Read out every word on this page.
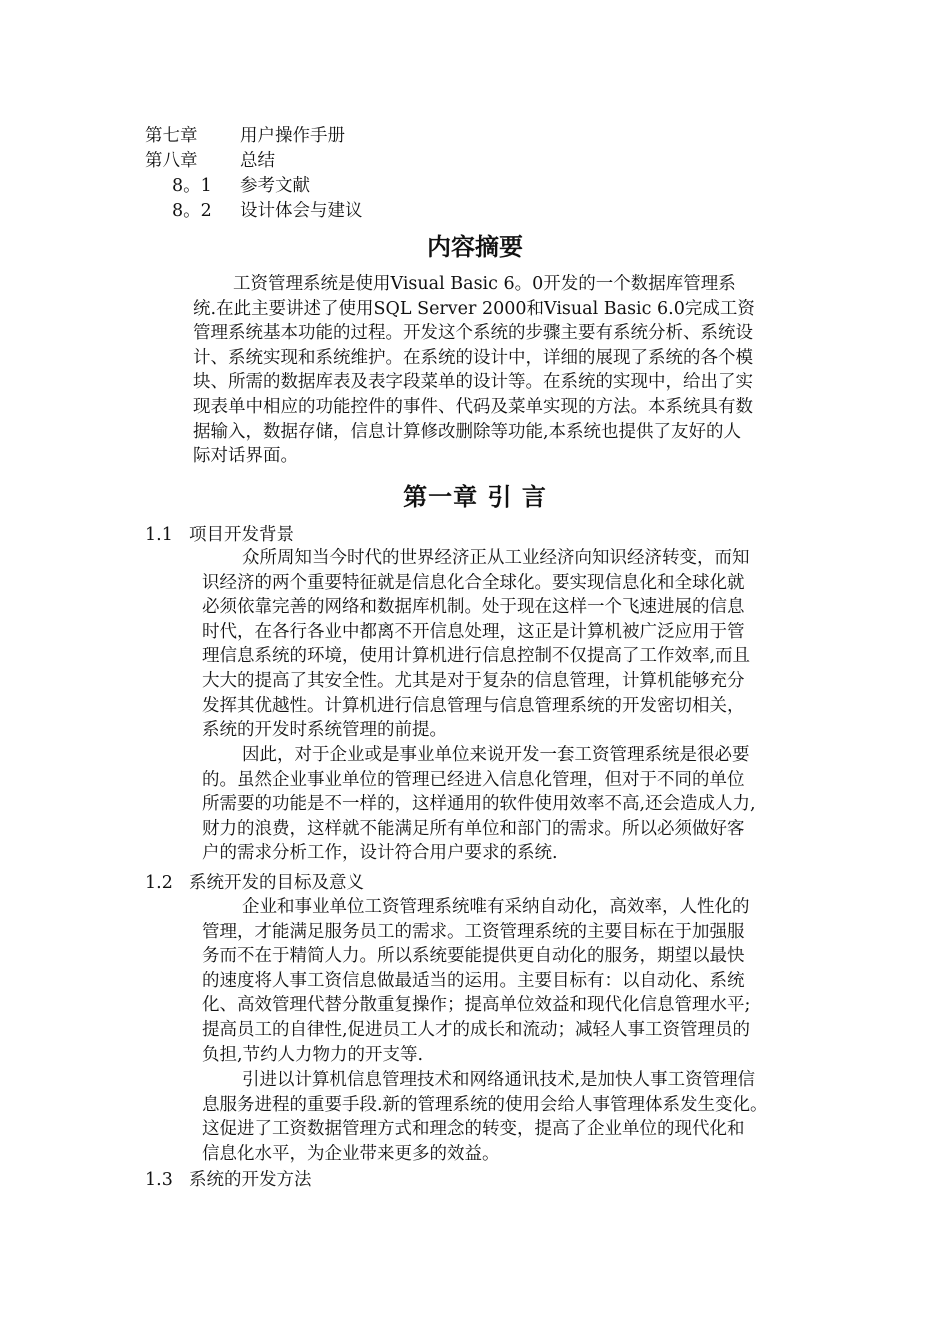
第七章 用户操作手册
第八章 总结
8。1 参考文献
8。2 设计体会与建议
内容摘要
工资管理系统是使用Visual Basic 6。0开发的一个数据库管理系
统.在此主要讲述了使用SQL Server 2000和Visual Basic 6.0完成工资
管理系统基本功能的过程。开发这个系统的步骤主要有系统分析、系统设
计、系统实现和系统维护。在系统的设计中，详细的展现了系统的各个模
块、所需的数据库表及表字段菜单的设计等。在系统的实现中，给出了实
现表单中相应的功能控件的事件、代码及菜单实现的方法。本系统具有数
据输入，数据存储，信息计算修改删除等功能,本系统也提供了友好的人
际对话界面。
第一章 引 言
1.1 项目开发背景
众所周知当今时代的世界经济正从工业经济向知识经济转变，而知
识经济的两个重要特征就是信息化合全球化。要实现信息化和全球化就
必须依靠完善的网络和数据库机制。处于现在这样一个飞速进展的信息
时代，在各行各业中都离不开信息处理，这正是计算机被广泛应用于管
理信息系统的环境，使用计算机进行信息控制不仅提高了工作效率,而且
大大的提高了其安全性。尤其是对于复杂的信息管理，计算机能够充分
发挥其优越性。计算机进行信息管理与信息管理系统的开发密切相关，
系统的开发时系统管理的前提。
因此，对于企业或是事业单位来说开发一套工资管理系统是很必要
的。虽然企业事业单位的管理已经进入信息化管理，但对于不同的单位
所需要的功能是不一样的，这样通用的软件使用效率不高,还会造成人力,
财力的浪费，这样就不能满足所有单位和部门的需求。所以必须做好客
户的需求分析工作，设计符合用户要求的系统.
1.2 系统开发的目标及意义
企业和事业单位工资管理系统唯有采纳自动化，高效率，人性化的
管理，才能满足服务员工的需求。工资管理系统的主要目标在于加强服
务而不在于精简人力。所以系统要能提供更自动化的服务，期望以最快
的速度将人事工资信息做最适当的运用。主要目标有：以自动化、系统
化、高效管理代替分散重复操作；提高单位效益和现代化信息管理水平;
提高员工的自律性,促进员工人才的成长和流动；减轻人事工资管理员的
负担,节约人力物力的开支等.
引进以计算机信息管理技术和网络通讯技术,是加快人事工资管理信
息服务进程的重要手段.新的管理系统的使用会给人事管理体系发生变化。
这促进了工资数据管理方式和理念的转变，提高了企业单位的现代化和
信息化水平，为企业带来更多的效益。
1.3 系统的开发方法
